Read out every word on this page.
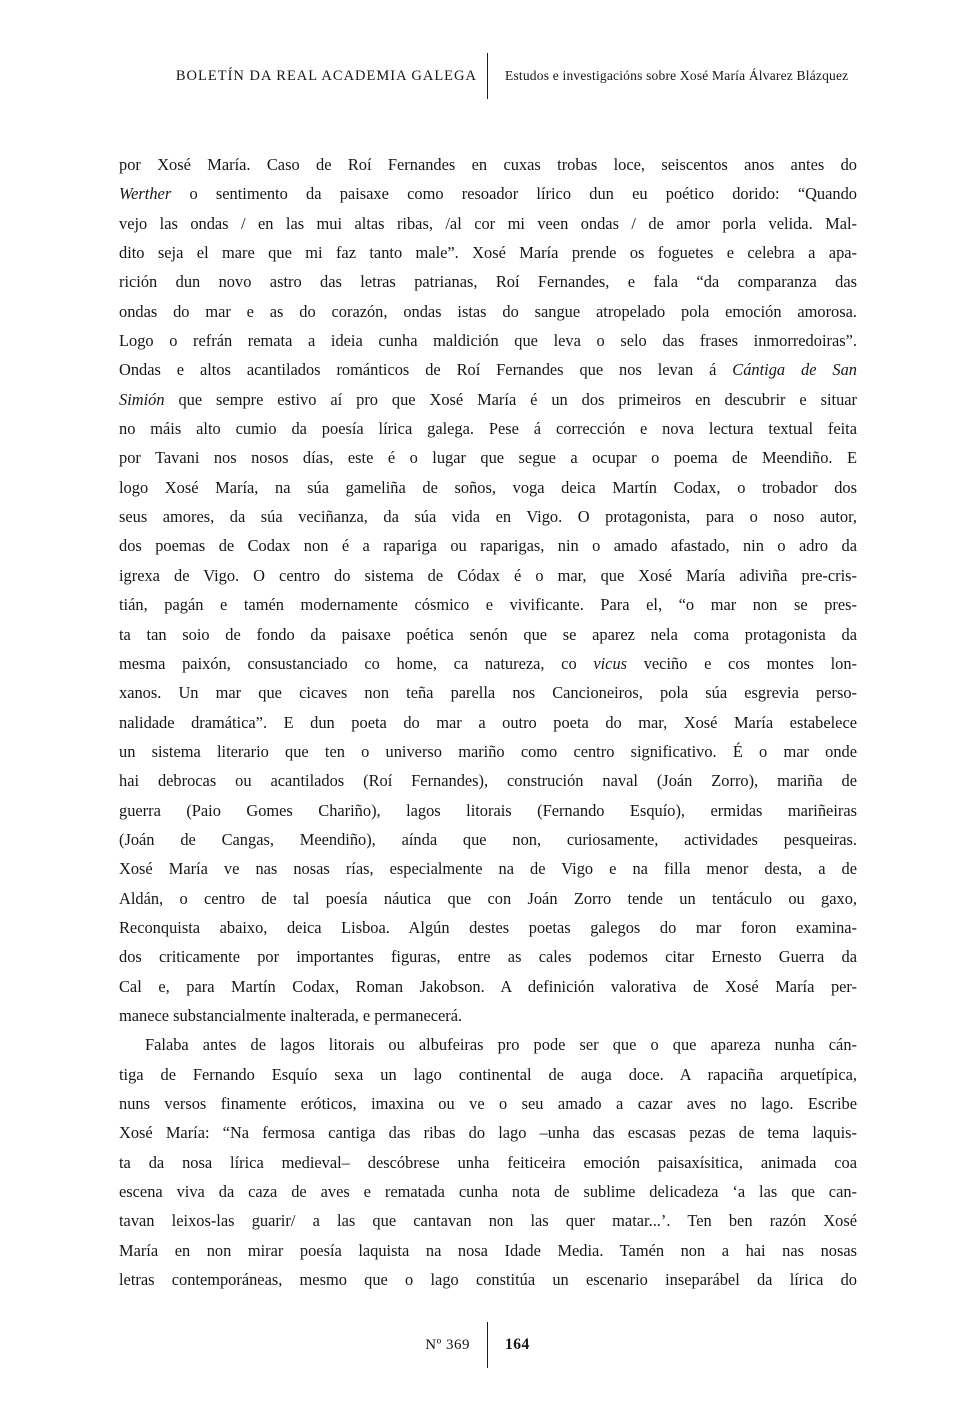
BOLETÍN DA REAL ACADEMIA GALEGA	Estudos e investigacións sobre Xosé María Álvarez Blázquez
por Xosé María. Caso de Roí Fernandes en cuxas trobas loce, seiscentos anos antes do
Werther o sentimento da paisaxe como resoador lírico dun eu poético dorido: “Quando
vejo las ondas / en las mui altas ribas, /al cor mi veen ondas / de amor porla velida. Mal-
dito seja el mare que mi faz tanto male”. Xosé María prende os foguetes e celebra a apa-
rición dun novo astro das letras patrianas, Roí Fernandes, e fala “da comparanza das
ondas do mar e as do corazón, ondas istas do sangue atropelado pola emoción amorosa.
Logo o refrán remata a ideia cunha maldición que leva o selo das frases inmorredoiras”.
Ondas e altos acantilados románticos de Roí Fernandes que nos levan á Cántiga de San
Simión que sempre estivo aí pro que Xosé María é un dos primeiros en descubrir e situar
no máis alto cumio da poesía lírica galega. Pese á corrección e nova lectura textual feita
por Tavani nos nosos días, este é o lugar que segue a ocupar o poema de Meendiño. E
logo Xosé María, na súa gameliña de soños, voga deica Martín Codax, o trobador dos
seus amores, da súa veciñanza, da súa vida en Vigo. O protagonista, para o noso autor,
dos poemas de Codax non é a rapariga ou raparigas, nin o amado afastado, nin o adro da
igrexa de Vigo. O centro do sistema de Códax é o mar, que Xosé María adiviña pre-cris-
tián, pagán e tamén modernamente cósmico e vivificante. Para el, “o mar non se pres-
ta tan soio de fondo da paisaxe poética senón que se aparez nela coma protagonista da
mesma paixón, consustanciado co home, ca natureza, co vicus veciño e cos montes lon-
xanos. Un mar que cicaves non teña parella nos Cancioneiros, pola súa esgrevia perso-
nalidade dramática”. E dun poeta do mar a outro poeta do mar, Xosé María estabelece
un sistema literario que ten o universo mariño como centro significativo. É o mar onde
hai debrocas ou acantilados (Roí Fernandes), construción naval (Joán Zorro), mariña de
guerra (Paio Gomes Chariño), lagos litorais (Fernando Esquío), ermidas mariñeiras
(Joán de Cangas, Meendiño), aínda que non, curiosamente, actividades pesqueiras.
Xosé María ve nas nosas rías, especialmente na de Vigo e na filla menor desta, a de
Aldán, o centro de tal poesía náutica que con Joán Zorro tende un tentáculo ou gaxo,
Reconquista abaixo, deica Lisboa. Algún destes poetas galegos do mar foron examina-
dos criticamente por importantes figuras, entre as cales podemos citar Ernesto Guerra da
Cal e, para Martín Codax, Roman Jakobson. A definición valorativa de Xosé María per-
manece substancialmente inalterada, e permanecerá.
Falaba antes de lagos litorais ou albufeiras pro pode ser que o que apareza nunha cán-
tiga de Fernando Esquío sexa un lago continental de auga doce. A rapaciña arquetípica,
nuns versos finamente eróticos, imaxina ou ve o seu amado a cazar aves no lago. Escribe
Xosé María: “Na fermosa cantiga das ribas do lago –unha das escasas pezas de tema laquis-
ta da nosa lírica medieval– descóbrese unha feiticeira emoción paisaxísitica, animada coa
escena viva da caza de aves e rematada cunha nota de sublime delicadeza ‘a las que can-
tavan leixos-las guarir/ a las que cantavan non las quer matar...’. Ten ben razón Xosé
María en non mirar poesía laquista na nosa Idade Media. Tamén non a hai nas nosas
letras contemporáneas, mesmo que o lago constitúa un escenario inseparábel da lírica do
Nº 369	164
